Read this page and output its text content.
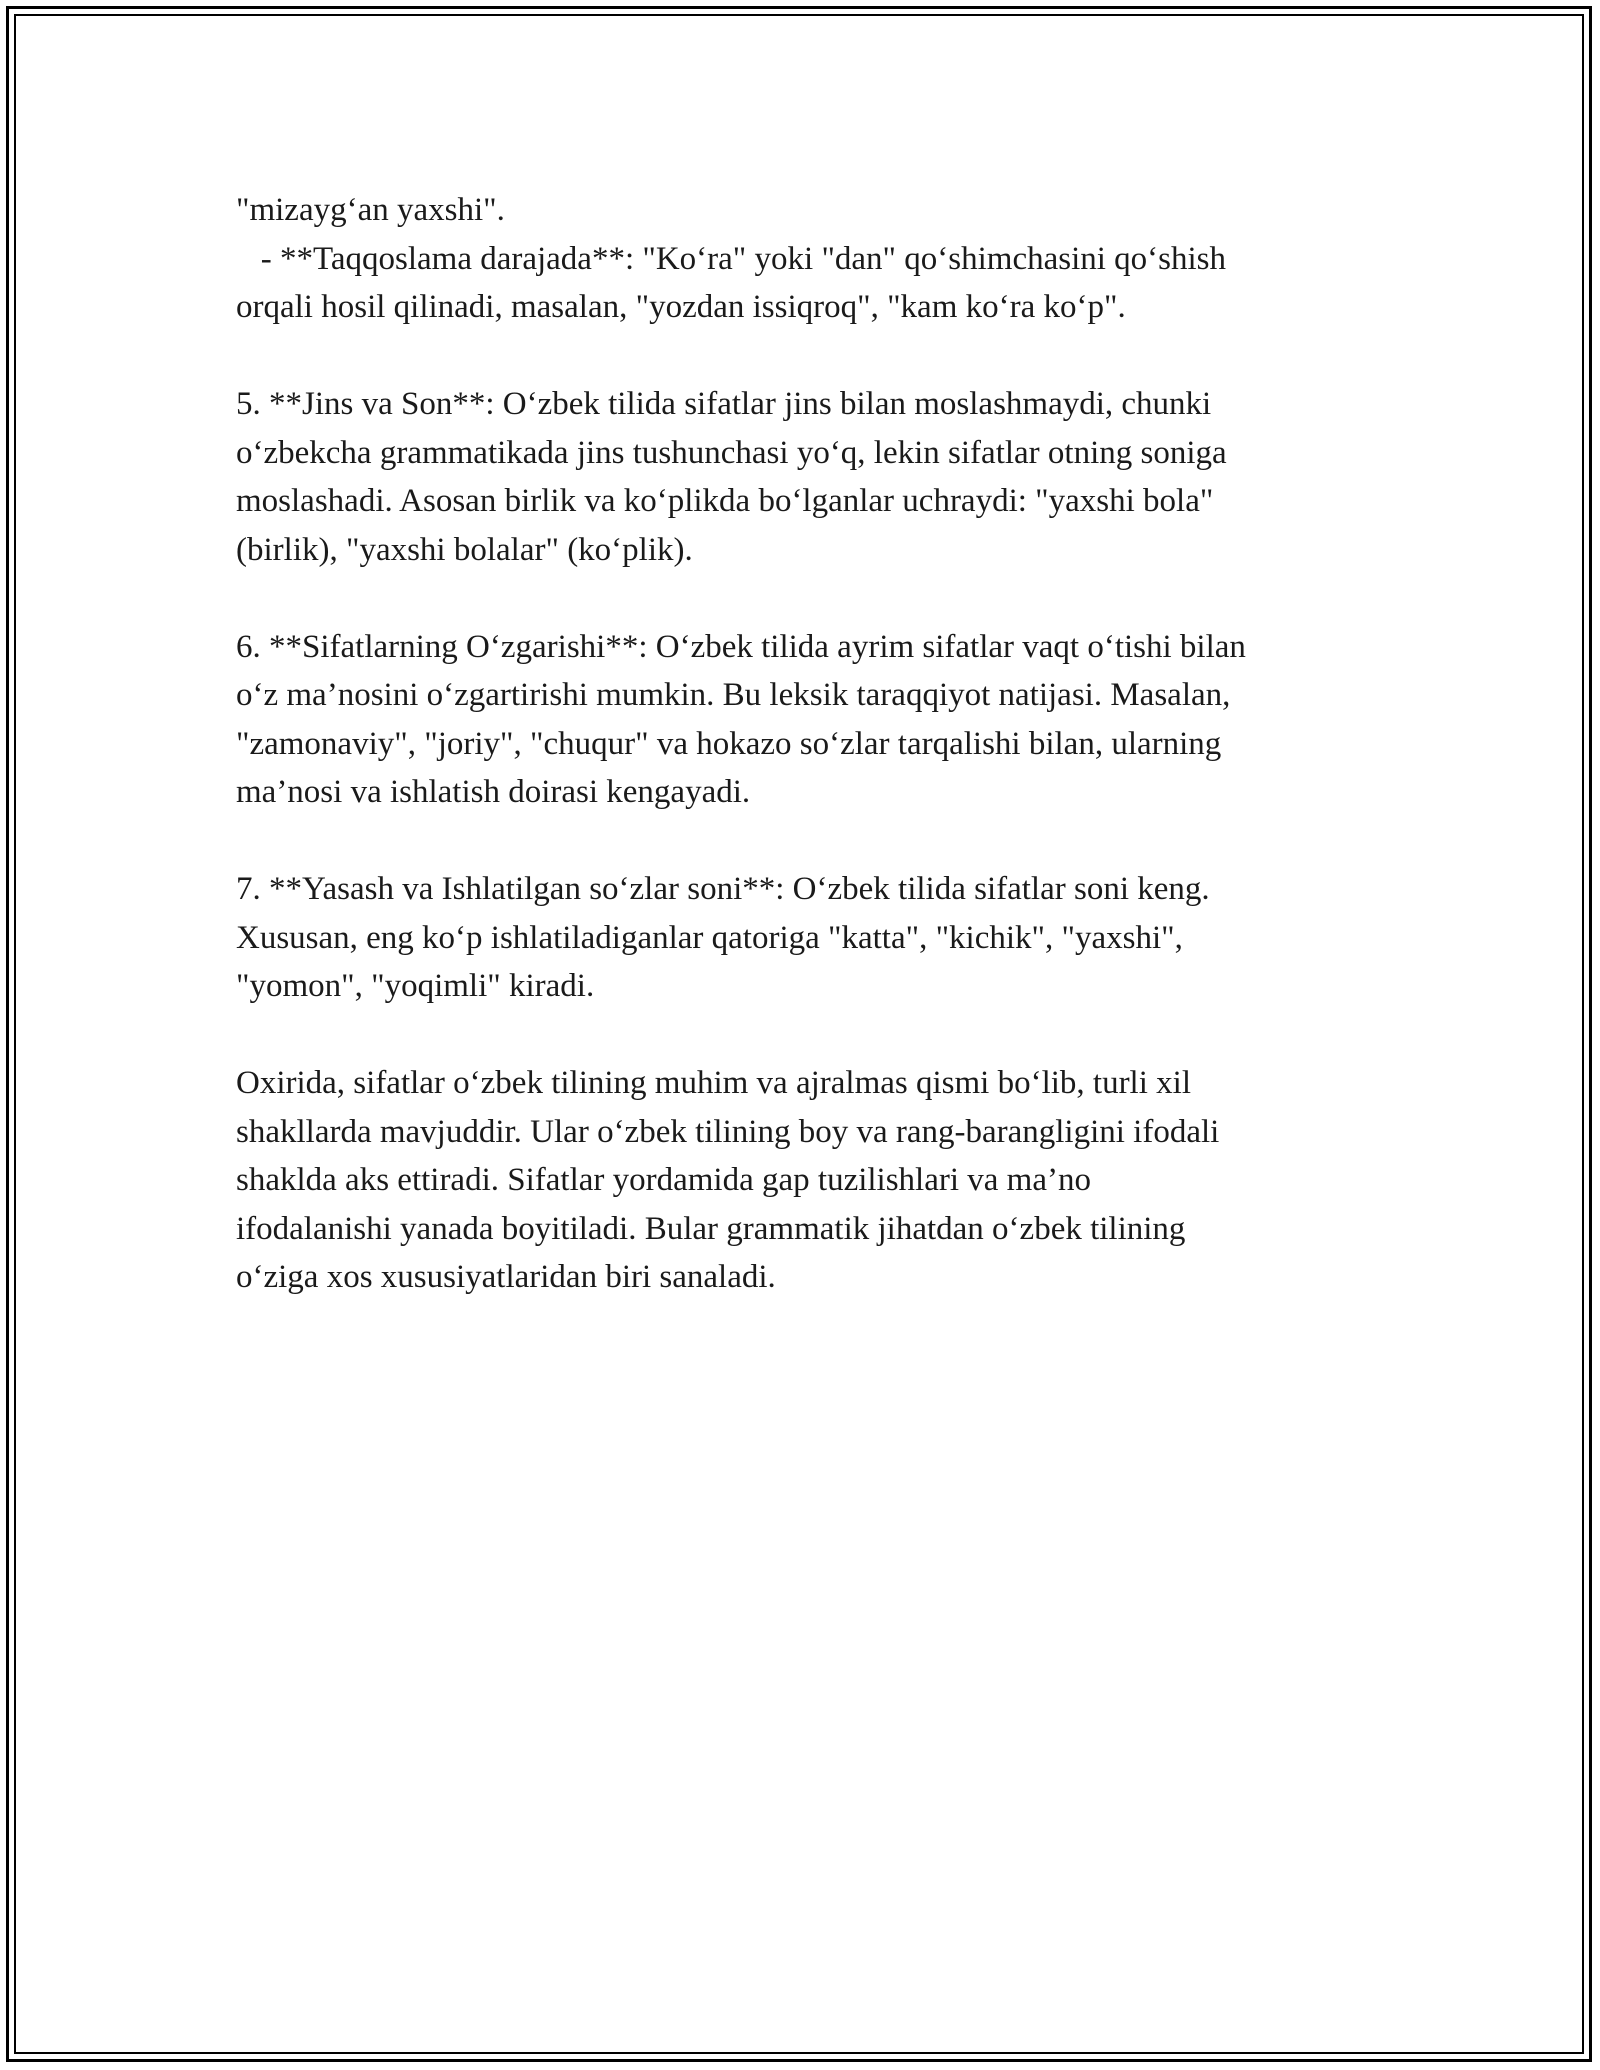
"mizayg‘an yaxshi".
- **Taqqoslama darajada**: "Ko‘ra" yoki "dan" qo‘shimchasini qo‘shish
orqali hosil qilinadi, masalan, "yozdan issiqroq", "kam ko‘ra ko‘p".
5. **Jins va Son**: O‘zbek tilida sifatlar jins bilan moslashmaydi, chunki
o‘zbekcha grammatikada jins tushunchasi yo‘q, lekin sifatlar otning soniga
moslashadi. Asosan birlik va ko‘plikda bo‘lganlar uchraydi: "yaxshi bola"
(birlik), "yaxshi bolalar" (ko‘plik).
6. **Sifatlarning O‘zgarishi**: O‘zbek tilida ayrim sifatlar vaqt o‘tishi bilan
o‘z ma’nosini o‘zgartirishi mumkin. Bu leksik taraqqiyot natijasi. Masalan,
"zamonaviy", "joriy", "chuqur" va hokazo so‘zlar tarqalishi bilan, ularning
ma’nosi va ishlatish doirasi kengayadi.
7. **Yasash va Ishlatilgan so‘zlar soni**: O‘zbek tilida sifatlar soni keng.
Xususan, eng ko‘p ishlatiladiganlar qatoriga "katta", "kichik", "yaxshi",
"yomon", "yoqimli" kiradi.
Oxirida, sifatlar o‘zbek tilining muhim va ajralmas qismi bo‘lib, turli xil
shakllarda mavjuddir. Ular o‘zbek tilining boy va rang-barangligini ifodali
shaklda aks ettiradi. Sifatlar yordamida gap tuzilishlari va ma’no
ifodalanishi yanada boyitiladi. Bular grammatik jihatdan o‘zbek tilining
o‘ziga xos xususiyatlaridan biri sanaladi.
